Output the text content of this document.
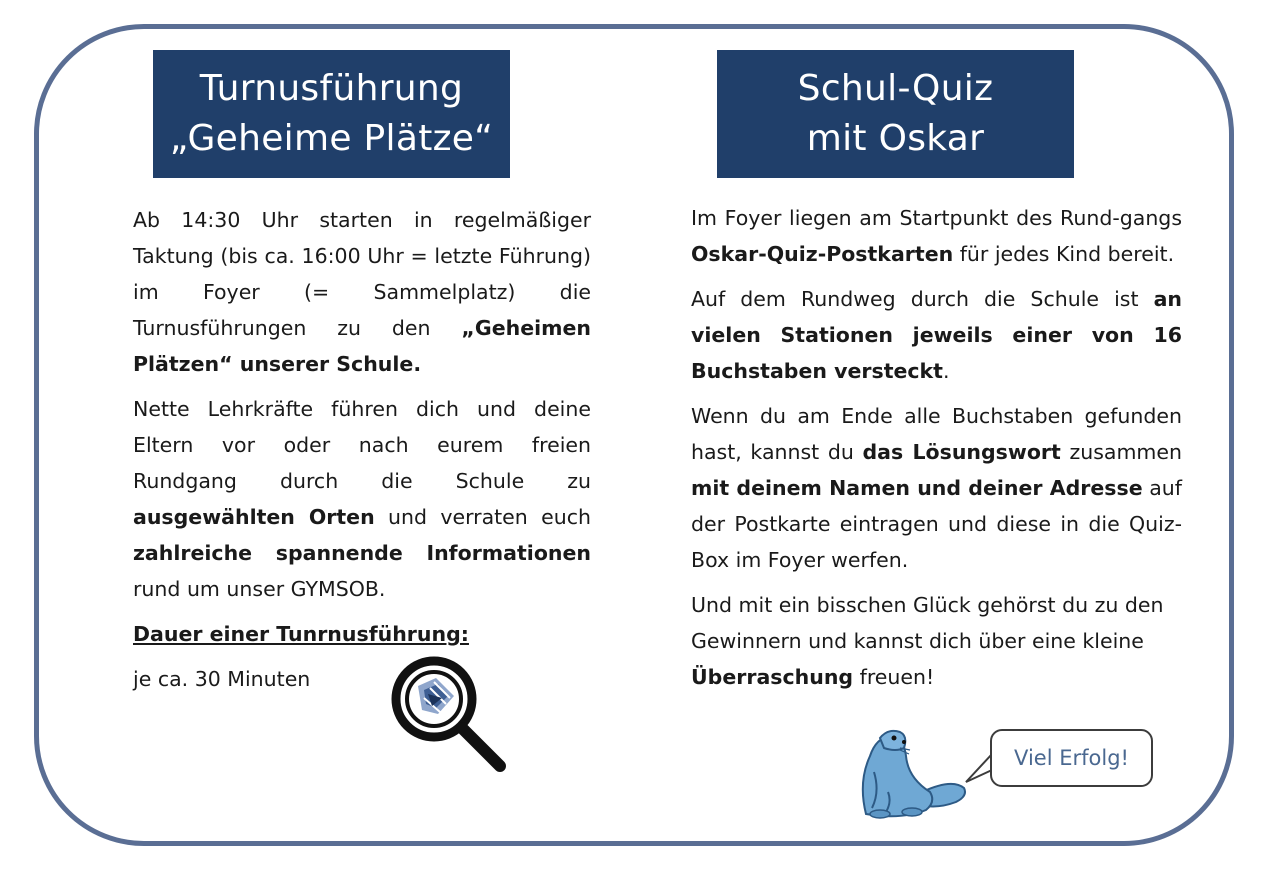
Turnusführung
„Geheime Plätze“
Schul-Quiz
mit Oskar

Ab 14:30 Uhr starten in regelmäßiger Taktung (bis ca. 16:00 Uhr = letzte Führung) im Foyer (= Sammelplatz) die Turnusführungen zu den „Geheimen Plätzen“ unserer Schule.

Nette Lehrkräfte führen dich und deine Eltern vor oder nach eurem freien Rundgang durch die Schule zu ausgewählten Orten und verraten euch zahlreiche spannende Informationen rund um unser GYMSOB.

Dauer einer Tunrnusführung:

je ca. 30 Minuten

Im Foyer liegen am Startpunkt des Rund-gangs Oskar-Quiz-Postkarten für jedes Kind bereit.

Auf dem Rundweg durch die Schule ist an vielen Stationen jeweils einer von 16 Buchstaben versteckt.

Wenn du am Ende alle Buchstaben gefunden hast, kannst du das Lösungswort zusammen mit deinem Namen und deiner Adresse auf der Postkarte eintragen und diese in die Quiz-Box im Foyer werfen.

Und mit ein bisschen Glück gehörst du zu den Gewinnern und kannst dich über eine kleine Überraschung freuen!

Viel Erfolg!
